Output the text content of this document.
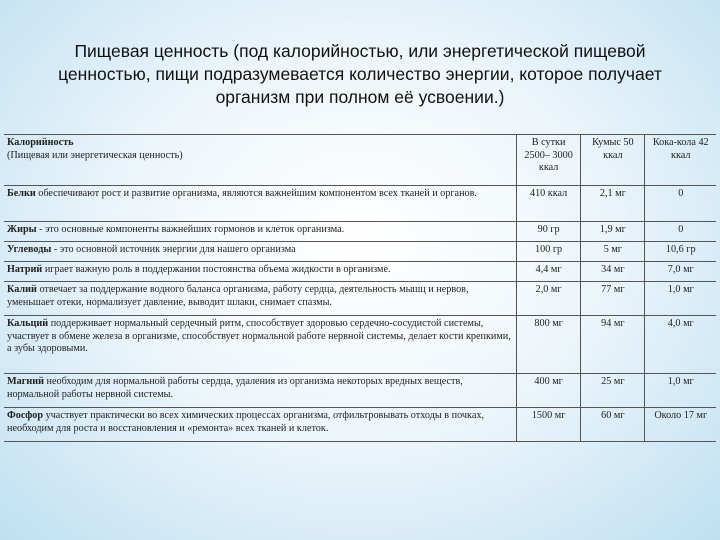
Пищевая ценность (под калорийностью, или энергетической пищевой ценностью, пищи подразумевается количество энергии, которое получает организм при полном её усвоении.)
Калорийность
(Пищевая или энергетическая ценность)	В сутки 2500– 3000 ккал	Кумыс 50 ккал	Кока-кола 42 ккал
Белки обеспечивают рост и развитие организма, являются важнейшим компонентом всех тканей и органов.	410 ккал	2,1 мг	0
Жиры - это основные компоненты важнейших гормонов и клеток организма.	90 гр	1,9 мг	0
Углеводы - это основной источник энергии для нашего организма	100 гр	5 мг	10,6 гр
Натрий играет важную роль в поддержании постоянства объема жидкости в организме.	4,4 мг	34 мг	7,0 мг
Калий отвечает за поддержание водного баланса организма, работу сердца, деятельность мышц и нервов, уменьшает отеки, нормализует давление, выводит шлаки, снимает спазмы.	2,0 мг	77 мг	1,0 мг
Кальций поддерживает нормальный сердечный ритм, способствует здоровью сердечно-сосудистой системы, участвует в обмене железа в организме, способствует нормальной работе нервной системы, делает кости крепкими, а зубы здоровыми.	800 мг	94 мг	4,0 мг
Магний необходим для нормальной работы сердца, удаления из организма некоторых вредных веществ, нормальной работы нервной системы.	400 мг	25 мг	1,0 мг
Фосфор участвует практически во всех химических процессах организма, отфильтровывать отходы в почках, необходим для роста и восстановления и «ремонта» всех тканей и клеток.	1500 мг	60 мг	Около 17 мг
